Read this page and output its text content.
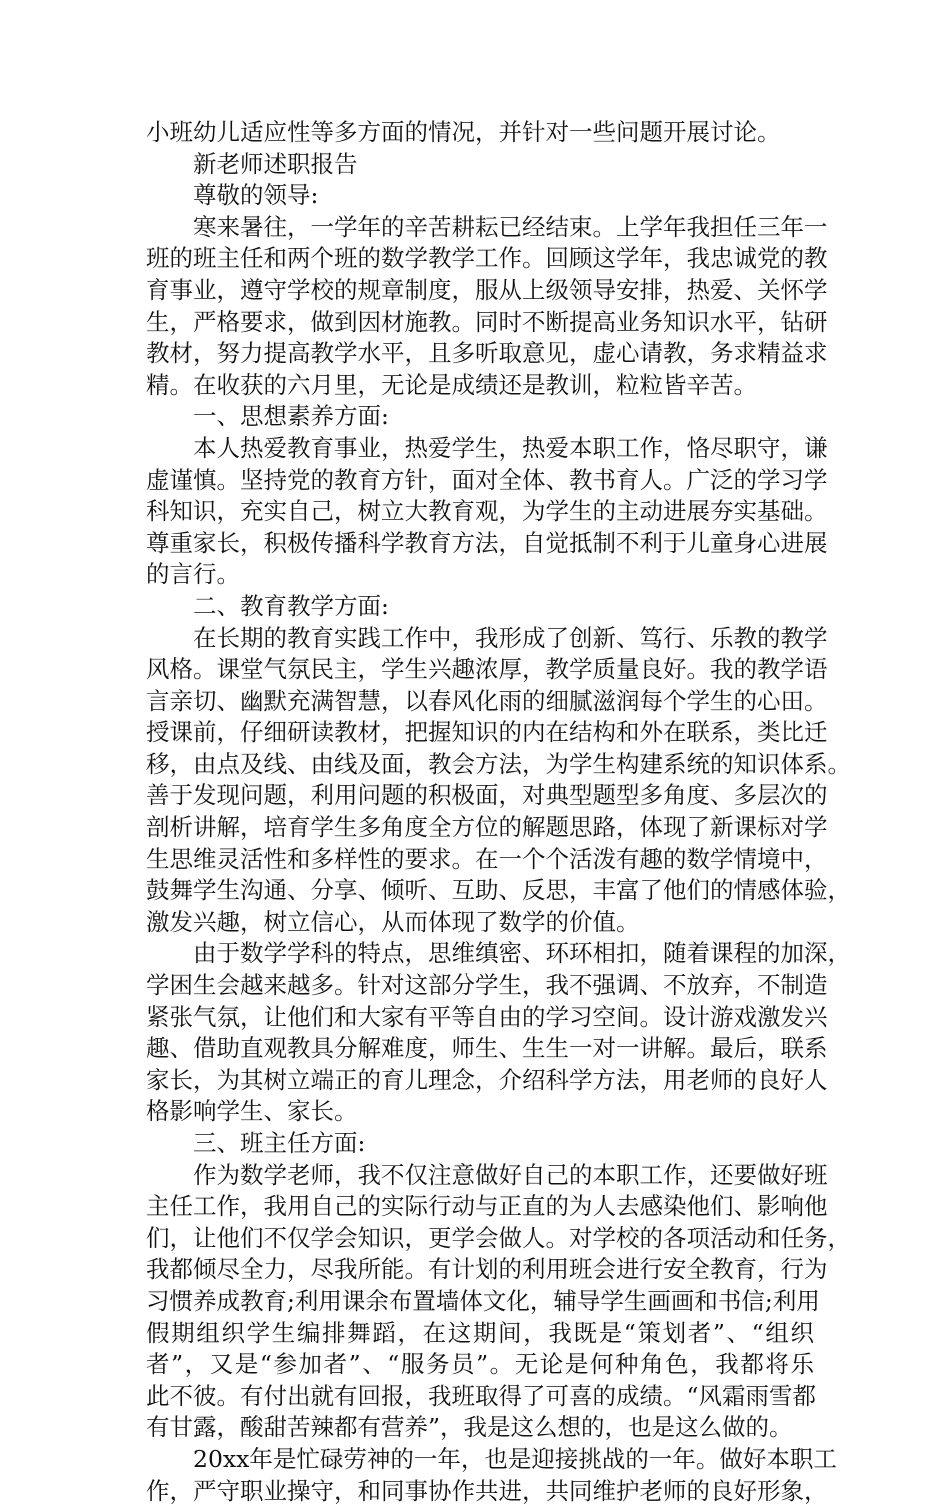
小班幼儿适应性等多方面的情况，并针对一些问题开展讨论。
新老师述职报告
尊敬的领导:
寒来暑往，一学年的辛苦耕耘已经结束。上学年我担任三年一
班的班主任和两个班的数学教学工作。回顾这学年，我忠诚党的教
育事业，遵守学校的规章制度，服从上级领导安排，热爱、关怀学
生，严格要求，做到因材施教。同时不断提高业务知识水平，钻研
教材，努力提高教学水平，且多听取意见，虚心请教，务求精益求
精。在收获的六月里，无论是成绩还是教训，粒粒皆辛苦。
一、思想素养方面:
本人热爱教育事业，热爱学生，热爱本职工作，恪尽职守，谦
虚谨慎。坚持党的教育方针，面对全体、教书育人。广泛的学习学
科知识，充实自己，树立大教育观，为学生的主动进展夯实基础。
尊重家长，积极传播科学教育方法，自觉抵制不利于儿童身心进展
的言行。
二、教育教学方面:
在长期的教育实践工作中，我形成了创新、笃行、乐教的教学
风格。课堂气氛民主，学生兴趣浓厚，教学质量良好。我的教学语
言亲切、幽默充满智慧，以春风化雨的细腻滋润每个学生的心田。
授课前，仔细研读教材，把握知识的内在结构和外在联系，类比迁
移，由点及线、由线及面，教会方法，为学生构建系统的知识体系。
善于发现问题，利用问题的积极面，对典型题型多角度、多层次的
剖析讲解，培育学生多角度全方位的解题思路，体现了新课标对学
生思维灵活性和多样性的要求。在一个个活泼有趣的数学情境中，
鼓舞学生沟通、分享、倾听、互助、反思，丰富了他们的情感体验，
激发兴趣，树立信心，从而体现了数学的价值。
由于数学学科的特点，思维缜密、环环相扣，随着课程的加深，
学困生会越来越多。针对这部分学生，我不强调、不放弃，不制造
紧张气氛，让他们和大家有平等自由的学习空间。设计游戏激发兴
趣、借助直观教具分解难度，师生、生生一对一讲解。最后，联系
家长，为其树立端正的育儿理念，介绍科学方法，用老师的良好人
格影响学生、家长。
三、班主任方面:
作为数学老师，我不仅注意做好自己的本职工作，还要做好班
主任工作，我用自己的实际行动与正直的为人去感染他们、影响他
们，让他们不仅学会知识，更学会做人。对学校的各项活动和任务，
我都倾尽全力，尽我所能。有计划的利用班会进行安全教育，行为
习惯养成教育;利用课余布置墙体文化，辅导学生画画和书信;利用
假期组织学生编排舞蹈，在这期间，我既是“策划者”、“组织
者”，又是“参加者”、“服务员”。无论是何种角色，我都将乐
此不彼。有付出就有回报，我班取得了可喜的成绩。“风霜雨雪都
有甘露，酸甜苦辣都有营养”，我是这么想的，也是这么做的。
20xx年是忙碌劳神的一年，也是迎接挑战的一年。做好本职工
作，严守职业操守，和同事协作共进，共同维护老师的良好形象，
